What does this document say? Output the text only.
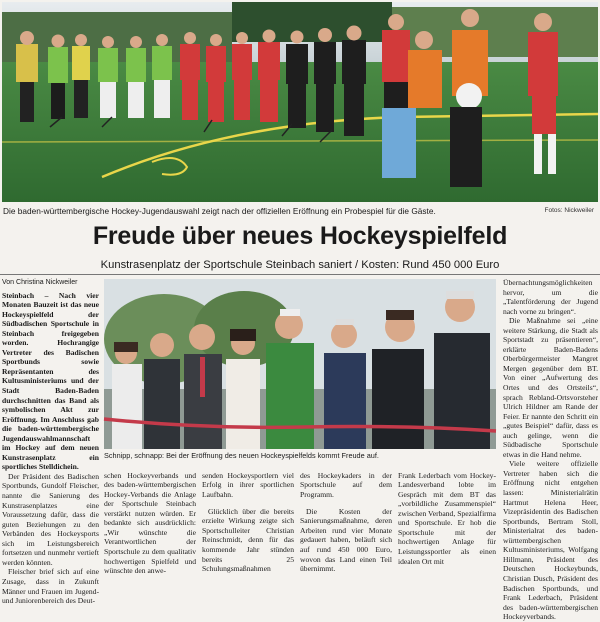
Die baden-württembergische Hockey-Jugendauswahl zeigt nach der offiziellen Eröffnung ein Probespiel für die Gäste.	Fotos: Nickweiler
Freude über neues Hockeyspielfeld
Kunstrasenplatz der Sportschule Steinbach saniert / Kosten: Rund 450 000 Euro
Von Christina Nickweiler

Steinbach – Nach vier Monaten Bauzeit ist das neue Hockeyspielfeld der Südbadischen Sportschule in Steinbach freigegeben worden. Hochrangige Vertreter des Badischen Sportbunds sowie Repräsentanten des Kultusministeriums und der Stadt Baden-Baden durchschnitten das Band als symbolischen Akt zur Eröffnung. Im Anschluss gab die baden-württembergische Jugendauswahlmannschaft im Hockey auf dem neuen Kunstrasenplatz ein sportliches Stelldichein.

Der Präsident des Badischen Sportbunds, Gundolf Fleischer, nannte die Sanierung des Kunstrasenplatzes eine Voraussetzung dafür, dass die guten Beziehungen zu den Verbänden des Hockeysports sich im Leistungsbereich fortsetzen und nunmehr vertieft werden könnten.

Fleischer brief sich auf eine Zusage, dass in Zukunft Männer und Frauen im Jugend- und Juniorenbereich des Deut-

Schnipp, schnapp: Bei der Eröffnung des neuen Hockeyspielfelds kommt Freude auf.

schen Hockeyverbands und des baden-württembergischen Hockey-Verbands die Anlage der Sportschule Steinbach verstärkt nutzen würden. Er bedankte sich ausdrücklich: „Wir wünschte die Verantwortlichen der Sportschule zu dem qualitativ hochwertigen Spielfeld und wünschte den anwe-

senden Hockeysportlern viel Erfolg in ihrer sportlichen Laufbahn.

Glücklich über die bereits erzielte Wirkung zeigte sich Sportschulleiter Christian Reinschmidt, denn für das kommende Jahr stünden bereits 25 Schulungsmaßnahmen

des Hockeykaders in der Sportschule auf dem Programm.

Die Kosten der Sanierungsmaßnahme, deren Arbeiten rund vier Monate gedauert haben, beläuft sich auf rund 450 000 Euro, wovon das Land einen Teil übernimmt.

Frank Lederbach vom Hockey-Landesverband lobte im Gespräch mit dem BT das „vorbildliche Zusammenspiel“ zwischen Verband, Spezialfirma und Sportschule. Er hob die Sportschule mit der hochwertigen Anlage für Leistungssportler als einen idealen Ort mit

Übernachtungsmöglichkeiten hervor, um die „Talentförderung der Jugend nach vorne zu bringen“.

Die Maßnahme sei „eine weitere Stärkung, die Stadt als Sportstadt zu präsentieren“, erklärte Baden-Badens Oberbürgermeister Mangret Mergen gegenüber dem BT. Von einer „Aufwertung des Ortes und des Ortsteils“, sprach Rebland-Ortsvorsteher Ulrich Hildner am Rande der Feier. Er nannte den Schritt ein „gutes Beispiel“ dafür, dass es auch gelinge, wenn die Südbadische Sportschule etwas in die Hand nehme.

Viele weitere offizielle Vertreter haben sich die Eröffnung nicht entgehen lassen: Ministerialrätin Hartmut Helena Heer, Vizepräsidentin des Badischen Sportbunds, Bertram Stoll, Ministerialrat des baden-württembergischen Kultusministeriums, Wolfgang Hillmann, Präsident des Deutschen Hockeybunds, Christian Dusch, Präsident des Badischen Sportbunds, und Frank Lederbach, Präsident des baden-württembergischen Hockeyverbands.
